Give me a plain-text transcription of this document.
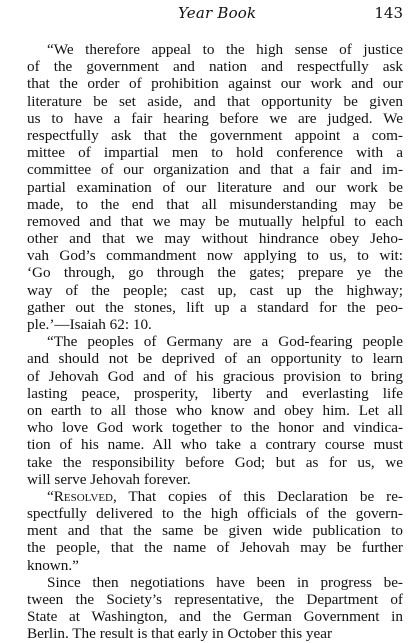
Year Book	143
“We therefore appeal to the high sense of justice
of the government and nation and respectfully ask
that the order of prohibition against our work and our
literature be set aside, and that opportunity be given
us to have a fair hearing before we are judged. We
respectfully ask that the government appoint a com-
mittee of impartial men to hold conference with a
committee of our organization and that a fair and im-
partial examination of our literature and our work be
made, to the end that all misunderstanding may be
removed and that we may be mutually helpful to each
other and that we may without hindrance obey Jeho-
vah God’s commandment now applying to us, to wit:
‘Go through, go through the gates; prepare ye the
way of the people; cast up, cast up the highway;
gather out the stones, lift up a standard for the peo-
ple.’—Isaiah 62: 10.
“The peoples of Germany are a God-fearing people
and should not be deprived of an opportunity to learn
of Jehovah God and of his gracious provision to bring
lasting peace, prosperity, liberty and everlasting life
on earth to all those who know and obey him. Let all
who love God work together to the honor and vindica-
tion of his name. All who take a contrary course must
take the responsibility before God; but as for us, we
will serve Jehovah forever.
“Resolved, That copies of this Declaration be re-
spectfully delivered to the high officials of the govern-
ment and that the same be given wide publication to
the people, that the name of Jehovah may be further
known.”
Since then negotiations have been in progress be-
tween the Society’s representative, the Department of
State at Washington, and the German Government in
Berlin. The result is that early in October this year
